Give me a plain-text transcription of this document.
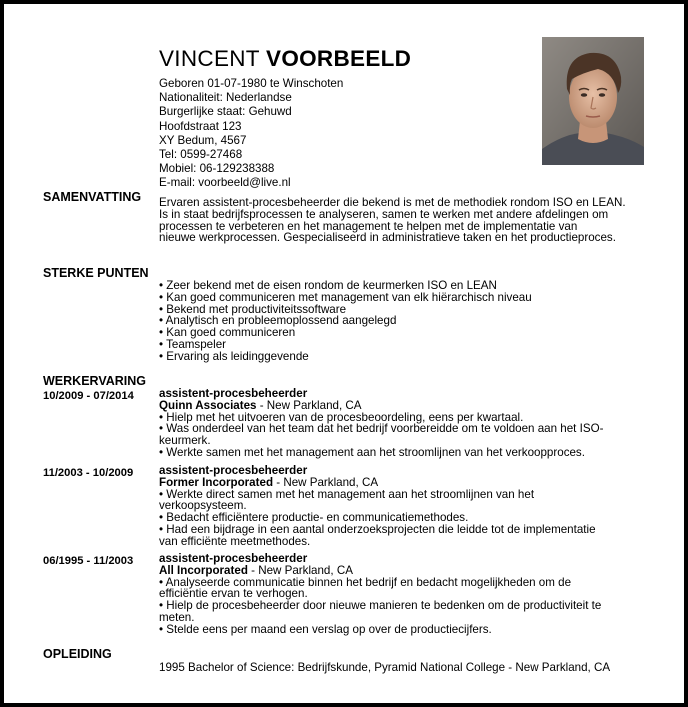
VINCENT VOORBEELD
Geboren 01-07-1980 te Winschoten
Nationaliteit: Nederlandse
Burgerlijke staat: Gehuwd
Hoofdstraat 123
XY Bedum, 4567
Tel: 0599-27468
Mobiel: 06-129238388
E-mail: voorbeeld@live.nl
SAMENVATTING Ervaren assistent-procesbeheerder die bekend is met de methodiek rondom ISO en LEAN.
Is in staat bedrijfsprocessen te analyseren, samen te werken met andere afdelingen om
processen te verbeteren en het management te helpen met de implementatie van
nieuwe werkprocessen. Gespecialiseerd in administratieve taken en het productieproces.
STERKE PUNTEN
• Zeer bekend met de eisen rondom de keurmerken ISO en LEAN
• Kan goed communiceren met management van elk hiërarchisch niveau
• Bekend met productiviteitssoftware
• Analytisch en probleemoplossend aangelegd
• Kan goed communiceren
• Teamspeler
• Ervaring als leidinggevende
WERKERVARING
10/2009 - 07/2014 assistent-procesbeheerder
Quinn Associates - New Parkland, CA
• Hielp met het uitvoeren van de procesbeoordeling, eens per kwartaal.
• Was onderdeel van het team dat het bedrijf voorbereidde om te voldoen aan het ISO-
keurmerk.
• Werkte samen met het management aan het stroomlijnen van het verkoopproces.
11/2003 - 10/2009 assistent-procesbeheerder
Former Incorporated - New Parkland, CA
• Werkte direct samen met het management aan het stroomlijnen van het
verkoopsysteem.
• Bedacht efficiëntere productie- en communicatiemethodes.
• Had een bijdrage in een aantal onderzoeksprojecten die leidde tot de implementatie
van efficiënte meetmethodes.
06/1995 - 11/2003 assistent-procesbeheerder
All Incorporated - New Parkland, CA
• Analyseerde communicatie binnen het bedrijf en bedacht mogelijkheden om de
efficiëntie ervan te verhogen.
• Hielp de procesbeheerder door nieuwe manieren te bedenken om de productiviteit te
meten.
• Stelde eens per maand een verslag op over de productiecijfers.
OPLEIDING
1995 Bachelor of Science: Bedrijfskunde, Pyramid National College - New Parkland, CA
